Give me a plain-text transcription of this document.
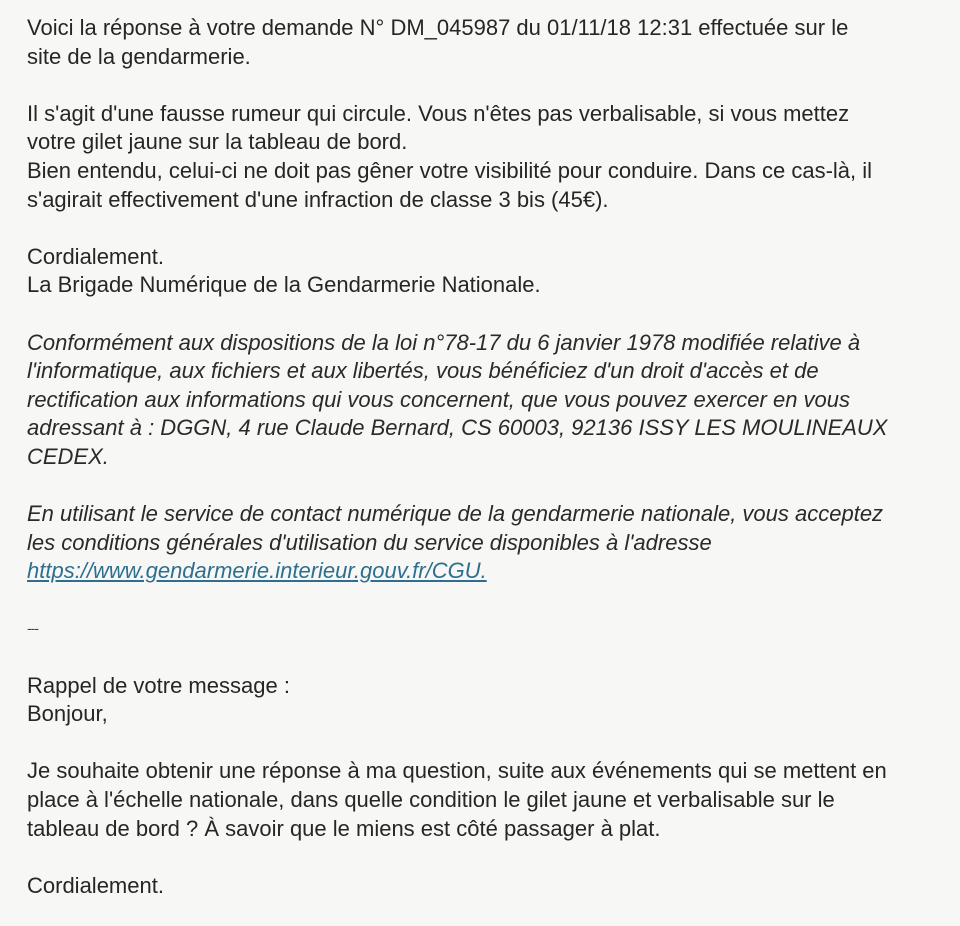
Voici la réponse à votre demande N° DM_045987 du 01/11/18 12:31 effectuée sur le

site de la gendarmerie.

Il s'agit d'une fausse rumeur qui circule. Vous n'êtes pas verbalisable, si vous mettez

votre gilet jaune sur la tableau de bord.

Bien entendu, celui-ci ne doit pas gêner votre visibilité pour conduire. Dans ce cas-là, il

s'agirait effectivement d'une infraction de classe 3 bis (45€).

Cordialement.

La Brigade Numérique de la Gendarmerie Nationale.

Conformément aux dispositions de la loi n°78-17 du 6 janvier 1978 modifiée relative à

l'informatique, aux fichiers et aux libertés, vous bénéficiez d'un droit d'accès et de

rectification aux informations qui vous concernent, que vous pouvez exercer en vous

adressant à : DGGN, 4 rue Claude Bernard, CS 60003, 92136 ISSY LES MOULINEAUX

CEDEX.

En utilisant le service de contact numérique de la gendarmerie nationale, vous acceptez

les conditions générales d'utilisation du service disponibles à l'adresse

https://www.gendarmerie.interieur.gouv.fr/CGU.

---

Rappel de votre message :

Bonjour,

Je souhaite obtenir une réponse à ma question, suite aux événements qui se mettent en

place à l'échelle nationale, dans quelle condition le gilet jaune et verbalisable sur le

tableau de bord ? À savoir que le miens est côté passager à plat.

Cordialement.
